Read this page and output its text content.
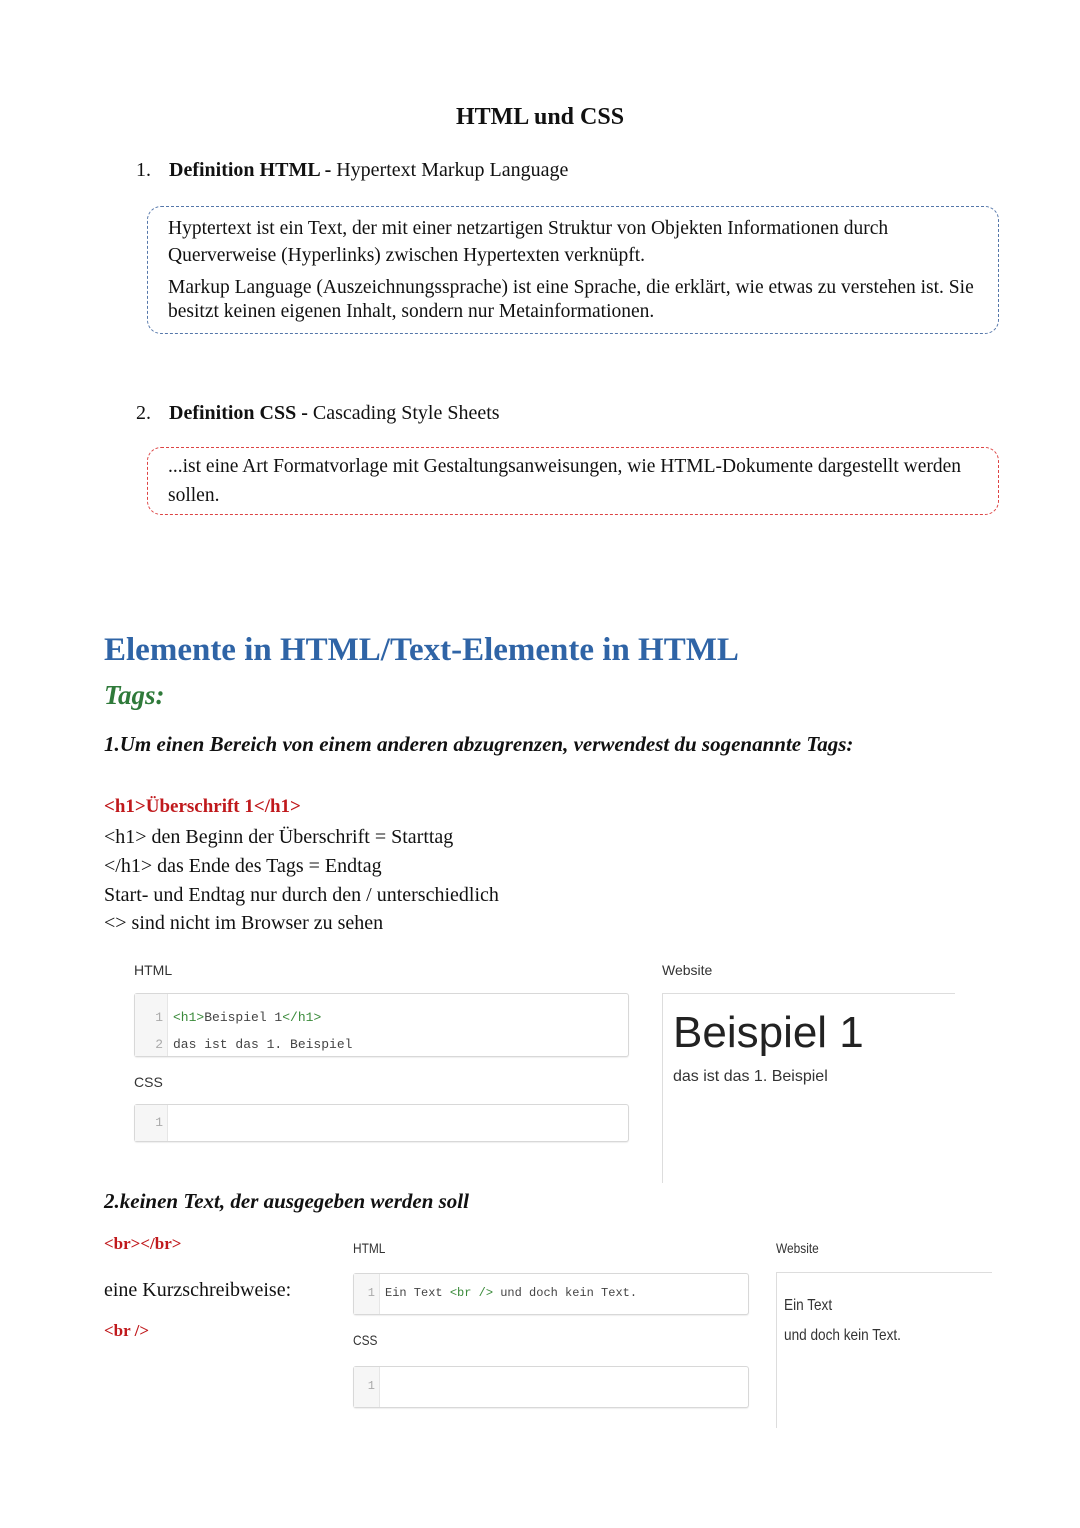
HTML und CSS
1. Definition HTML - Hypertext Markup Language

Hyptertext ist ein Text, der mit einer netzartigen Struktur von Objekten Informationen durch Querverweise (Hyperlinks) zwischen Hypertexten verknüpft.

Markup Language (Auszeichnungssprache) ist eine Sprache, die erklärt, wie etwas zu verstehen ist. Sie besitzt keinen eigenen Inhalt, sondern nur Metainformationen.

2. Definition CSS - Cascading Style Sheets

...ist eine Art Formatvorlage mit Gestaltungsanweisungen, wie HTML-Dokumente dargestellt werden sollen.

Elemente in HTML/Text-Elemente in HTML
Tags:
1.Um einen Bereich von einem anderen abzugrenzen, verwendest du sogenannte Tags:
<h1>Überschrift 1</h1>
<h1> den Beginn der Überschrift = Starttag
</h1> das Ende des Tags = Endtag
Start- und Endtag nur durch den / unterschiedlich
<> sind nicht im Browser zu sehen
HTML
1
2
<h1>Beispiel 1</h1>
das ist das 1. Beispiel
CSS
1
Website
Beispiel 1
das ist das 1. Beispiel
2.keinen Text, der ausgegeben werden soll
<br></br>
eine Kurzschreibweise:
<br />
HTML
1 Ein Text <br /> und doch kein Text.
CSS
1
Website
Ein Text
und doch kein Text.
